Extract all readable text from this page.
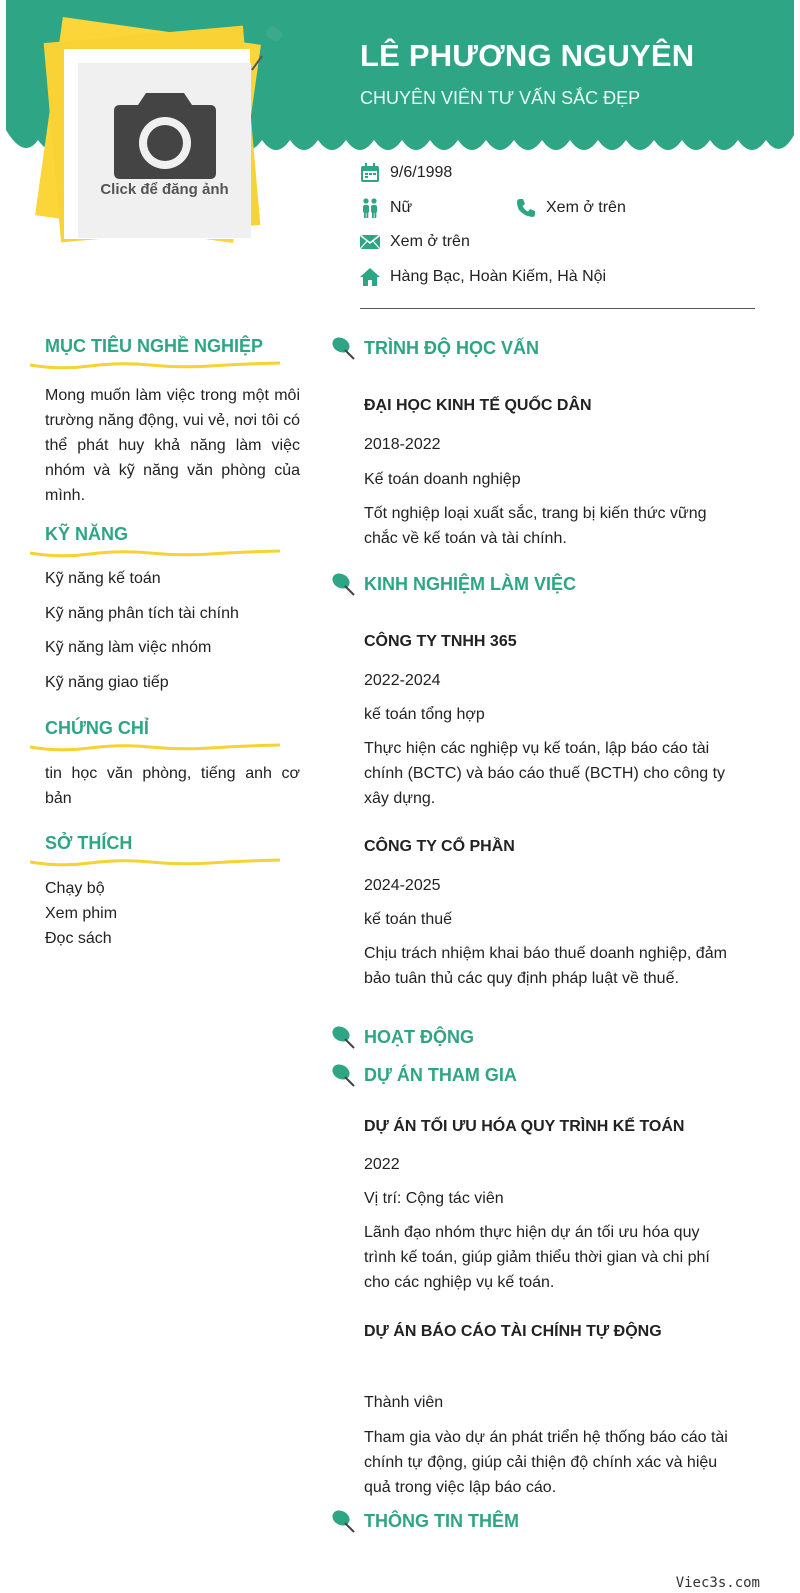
Click để đăng ảnh
LÊ PHƯƠNG NGUYÊN
CHUYÊN VIÊN TƯ VẤN SẮC ĐẸP
9/6/1998
Nữ	Xem ở trên
Xem ở trên
Hàng Bạc, Hoàn Kiếm, Hà Nội
MỤC TIÊU NGHỀ NGHIỆP
Mong muốn làm việc trong một môi trường năng động, vui vẻ, nơi tôi có thể phát huy khả năng làm việc nhóm và kỹ năng văn phòng của mình.
KỸ NĂNG
Kỹ năng kế toán
Kỹ năng phân tích tài chính
Kỹ năng làm việc nhóm
Kỹ năng giao tiếp
CHỨNG CHỈ
tin học văn phòng, tiếng anh cơ bản
SỞ THÍCH
Chạy bộ
Xem phim
Đọc sách
TRÌNH ĐỘ HỌC VẤN
ĐẠI HỌC KINH TẾ QUỐC DÂN
2018-2022
Kế toán doanh nghiệp
Tốt nghiệp loại xuất sắc, trang bị kiến thức vững chắc về kế toán và tài chính.
KINH NGHIỆM LÀM VIỆC
CÔNG TY TNHH 365
2022-2024
kế toán tổng hợp
Thực hiện các nghiệp vụ kế toán, lập báo cáo tài chính (BCTC) và báo cáo thuế (BCTH) cho công ty xây dựng.
CÔNG TY CỔ PHẦN
2024-2025
kế toán thuế
Chịu trách nhiệm khai báo thuế doanh nghiệp, đảm bảo tuân thủ các quy định pháp luật về thuế.
HOẠT ĐỘNG
DỰ ÁN THAM GIA
DỰ ÁN TỐI ƯU HÓA QUY TRÌNH KẾ TOÁN
2022
Vị trí: Cộng tác viên
Lãnh đạo nhóm thực hiện dự án tối ưu hóa quy trình kế toán, giúp giảm thiểu thời gian và chi phí cho các nghiệp vụ kế toán.
DỰ ÁN BÁO CÁO TÀI CHÍNH TỰ ĐỘNG
Thành viên
Tham gia vào dự án phát triển hệ thống báo cáo tài chính tự động, giúp cải thiện độ chính xác và hiệu quả trong việc lập báo cáo.
THÔNG TIN THÊM
Viec3s.com
